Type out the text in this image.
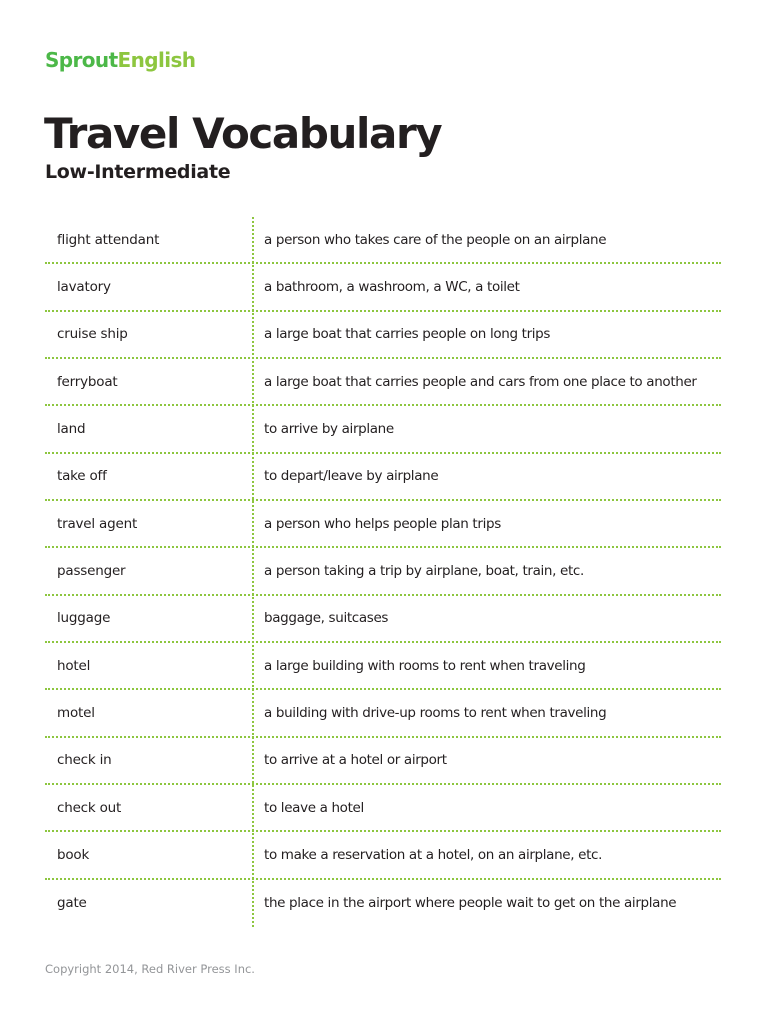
SproutEnglish
Travel Vocabulary
Low-Intermediate
flight attendant	a person who takes care of the people on an airplane
lavatory	a bathroom, a washroom, a WC, a toilet
cruise ship	a large boat that carries people on long trips
ferryboat	a large boat that carries people and cars from one place to another
land	to arrive by airplane
take off	to depart/leave by airplane
travel agent	a person who helps people plan trips
passenger	a person taking a trip by airplane, boat, train, etc.
luggage	baggage, suitcases
hotel	a large building with rooms to rent when traveling
motel	a building with drive-up rooms to rent when traveling
check in	to arrive at a hotel or airport
check out	to leave a hotel
book	to make a reservation at a hotel, on an airplane, etc.
gate	the place in the airport where people wait to get on the airplane
Copyright 2014, Red River Press Inc.
